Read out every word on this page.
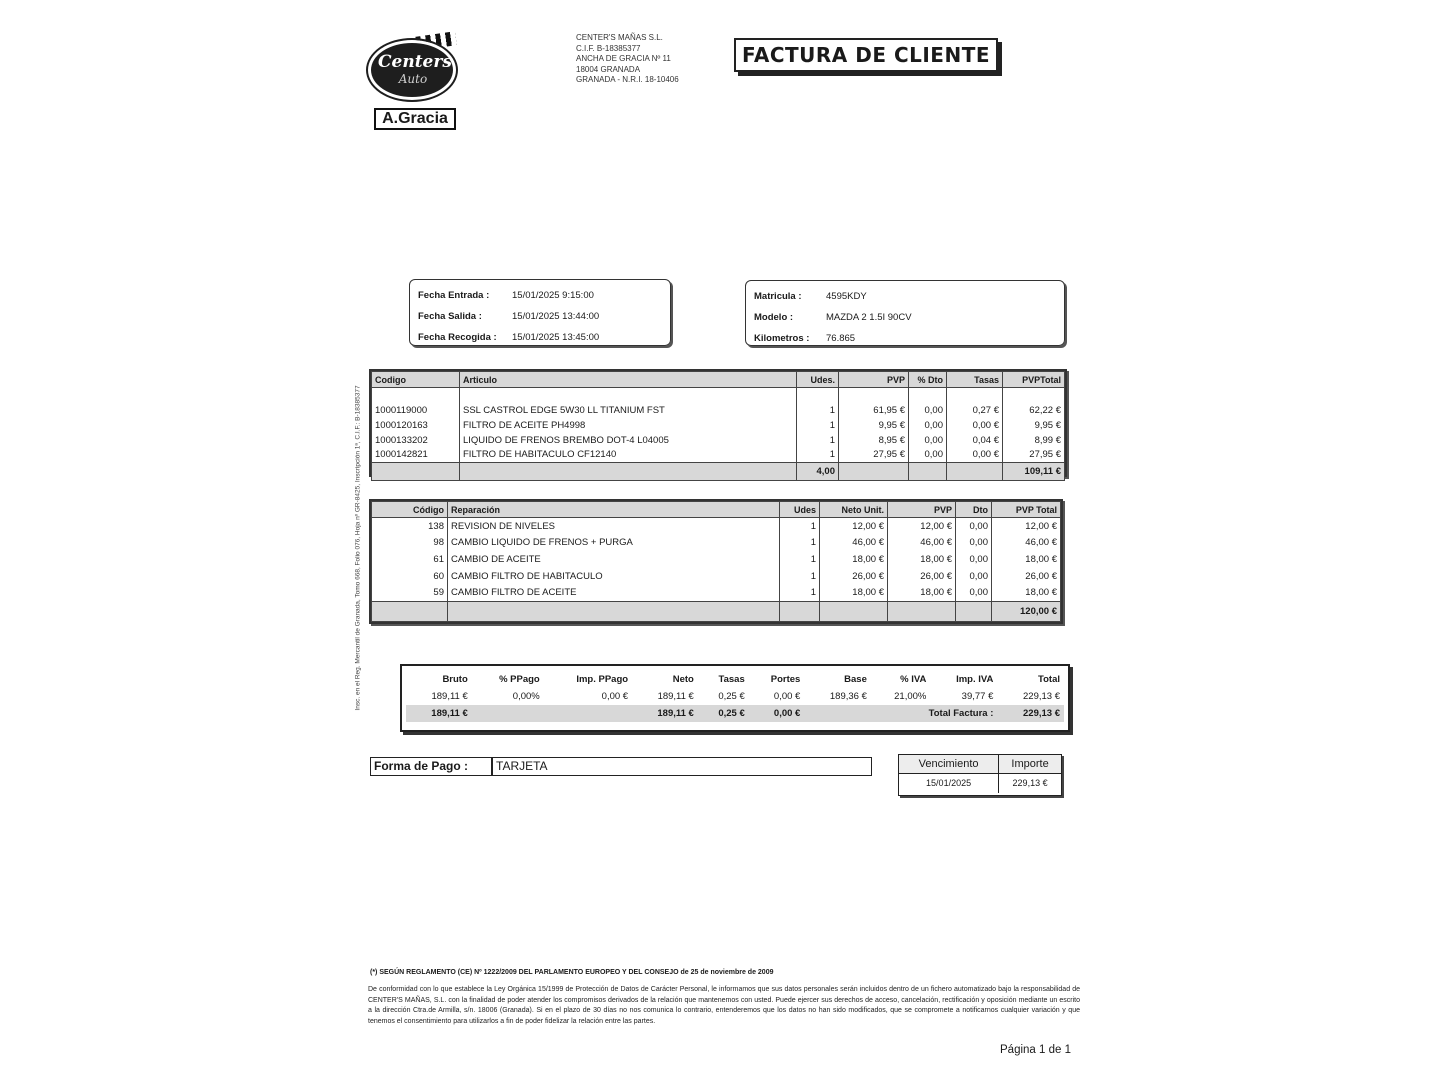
Centers
Auto
A.Gracia
CENTER'S MAÑAS S.L.
C.I.F. B-18385377
ANCHA DE GRACIA Nº 11
18004 GRANADA
GRANADA - N.R.I. 18-10406
FACTURA DE CLIENTE
Fecha Entrada :	15/01/2025 9:15:00
Fecha Salida :	15/01/2025 13:44:00
Fecha Recogida :	15/01/2025 13:45:00
Matricula :	4595KDY
Modelo :	MAZDA 2 1.5I 90CV
Kilometros :	76.865
Insc. en el Reg. Mercantil de Granada, Tomo 668, Folio 076, Hoja nº GR-8425, Inscripción 1ª, C.I.F.: B-18385377
Codigo	Articulo	Udes.	PVP	% Dto	Tasas	PVPTotal

1000119000	SSL CASTROL EDGE 5W30 LL TITANIUM FST	1	61,95 €	0,00	0,27 €	62,22 €
1000120163	FILTRO DE ACEITE PH4998	1	9,95 €	0,00	0,00 €	9,95 €
1000133202	LIQUIDO DE FRENOS BREMBO DOT-4 L04005	1	8,95 €	0,00	0,04 €	8,99 €
1000142821	FILTRO DE HABITACULO CF12140	1	27,95 €	0,00	0,00 €	27,95 €
		4,00				109,11 €
Código	Reparación	Udes	Neto Unit.	PVP	Dto	PVP Total
138	REVISION DE NIVELES	1	12,00 €	12,00 €	0,00	12,00 €
98	CAMBIO LIQUIDO DE FRENOS + PURGA	1	46,00 €	46,00 €	0,00	46,00 €
61	CAMBIO DE ACEITE	1	18,00 €	18,00 €	0,00	18,00 €
60	CAMBIO FILTRO DE HABITACULO	1	26,00 €	26,00 €	0,00	26,00 €
59	CAMBIO FILTRO DE ACEITE	1	18,00 €	18,00 €	0,00	18,00 €
						120,00 €
Bruto	% PPago	Imp. PPago	Neto	Tasas	Portes	Base	% IVA	Imp. IVA	Total
189,11 €	0,00%	0,00 €	189,11 €	0,25 €	0,00 €	189,36 €	21,00%	39,77 €	229,13 €
189,11 €			189,11 €	0,25 €	0,00 €		Total Factura :		229,13 €
Forma de Pago :	TARJETA	Vencimiento	Importe
15/01/2025	229,13 €
(*) SEGÚN REGLAMENTO (CE) Nº 1222/2009 DEL PARLAMENTO EUROPEO Y DEL CONSEJO de 25 de noviembre de 2009
De conformidad con lo que establece la Ley Orgánica 15/1999 de Protección de Datos de Carácter Personal, le informamos que sus datos personales serán incluidos dentro de un fichero automatizado bajo la responsabilidad de CENTER'S MAÑAS, S.L. con la finalidad de poder atender los compromisos derivados de la relación que mantenemos con usted. Puede ejercer sus derechos de acceso, cancelación, rectificación y oposición mediante un escrito a la dirección Ctra.de Armilla, s/n. 18006 (Granada). Si en el plazo de 30 días no nos comunica lo contrario, entenderemos que los datos no han sido modificados, que se compromete a notificarnos cualquier variación y que tenemos el consentimiento para utilizarlos a fin de poder fidelizar la relación entre las partes.
Página 1 de 1
